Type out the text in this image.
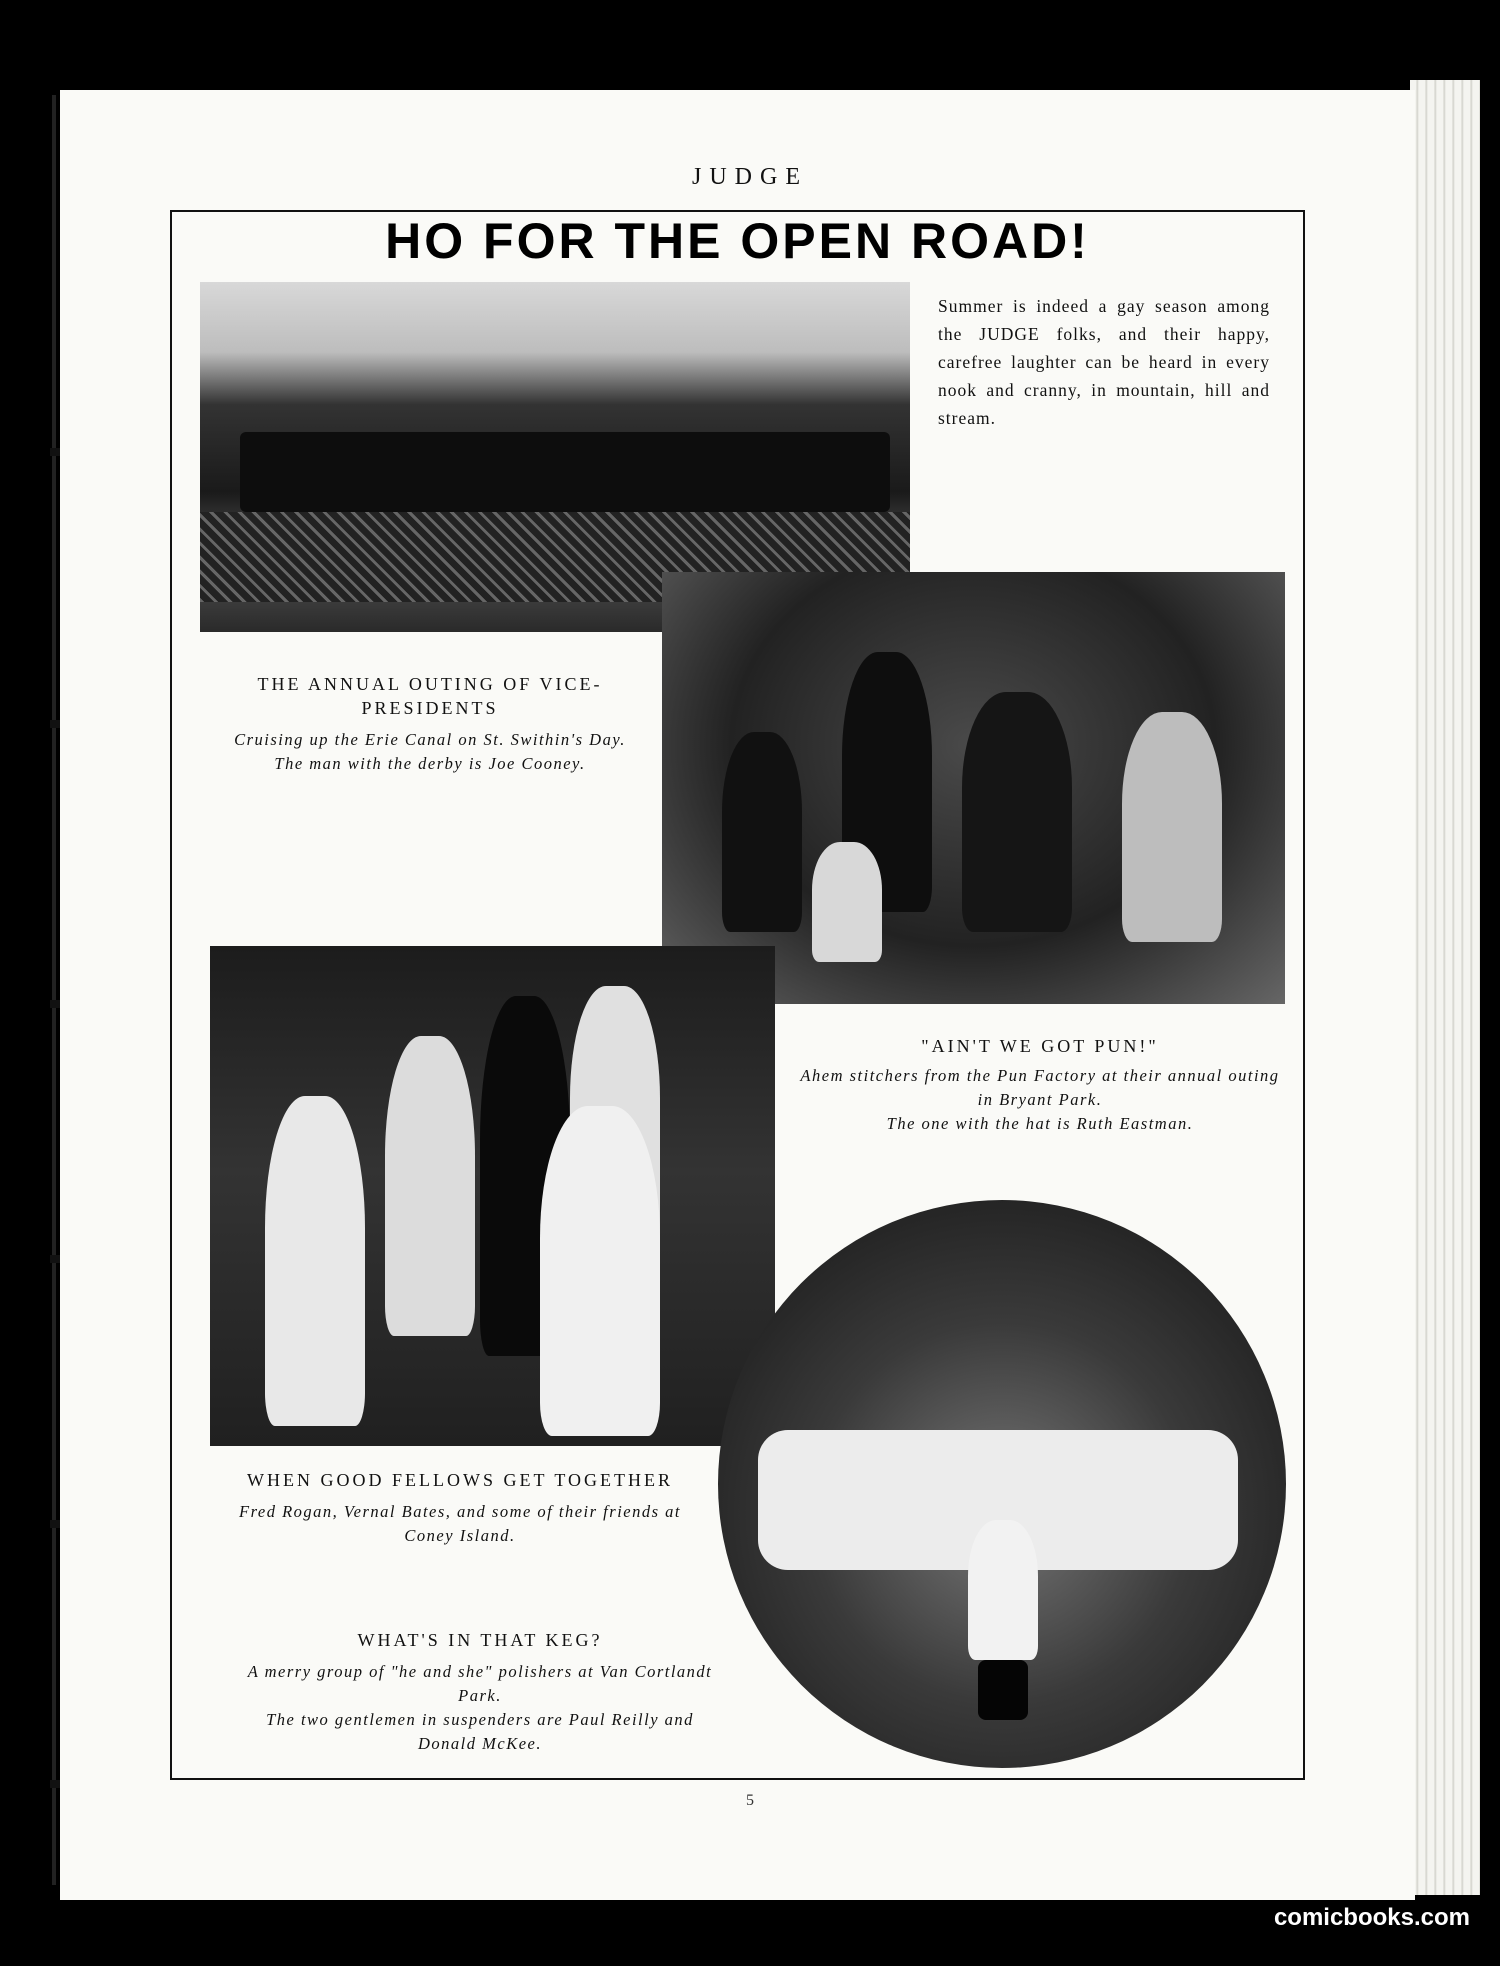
JUDGE
HO FOR THE OPEN ROAD!
Summer is indeed a gay season among the JUDGE folks, and their happy, carefree laughter can be heard in every nook and cranny, in mountain, hill and stream.
THE ANNUAL OUTING OF VICE-PRESIDENTS
Cruising up the Erie Canal on St. Swithin's Day.
The man with the derby is Joe Cooney.
"AIN'T WE GOT PUN!"
Ahem stitchers from the Pun Factory at their annual outing in Bryant Park.
The one with the hat is Ruth Eastman.
WHEN GOOD FELLOWS GET TOGETHER
Fred Rogan, Vernal Bates, and some of their friends at Coney Island.
WHAT'S IN THAT KEG?
A merry group of "he and she" polishers at Van Cortlandt Park.
The two gentlemen in suspenders are Paul Reilly and Donald McKee.
5
comicbooks.com
